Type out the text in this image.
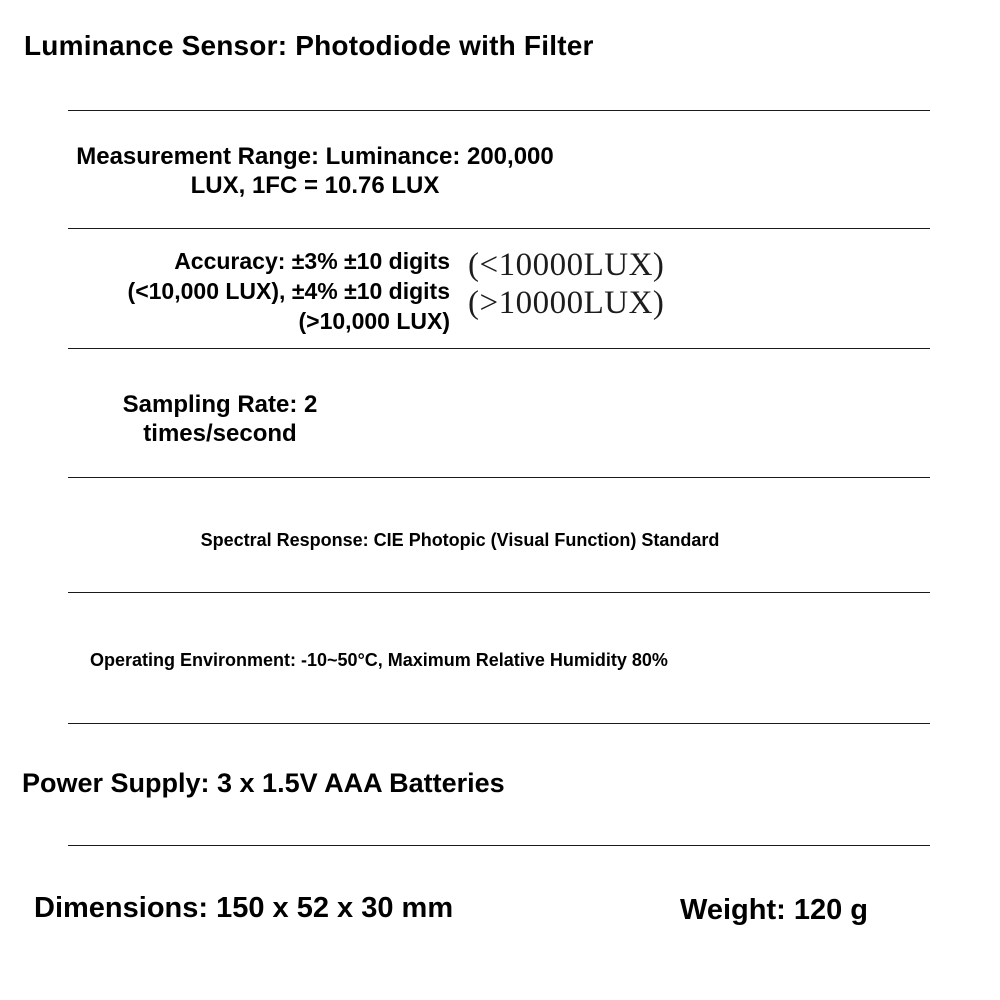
Luminance Sensor: Photodiode with Filter
Measurement Range: Luminance: 200,000
LUX, 1FC = 10.76 LUX
Accuracy: ±3% ±10 digits
(<10,000 LUX), ±4% ±10 digits
(>10,000 LUX)
(<10000LUX)
(>10000LUX)
Sampling Rate: 2
times/second
Spectral Response: CIE Photopic (Visual Function) Standard
Operating Environment: -10~50°C, Maximum Relative Humidity 80%
Power Supply: 3 x 1.5V AAA Batteries
Dimensions: 150 x 52 x 30 mm	Weight: 120 g
